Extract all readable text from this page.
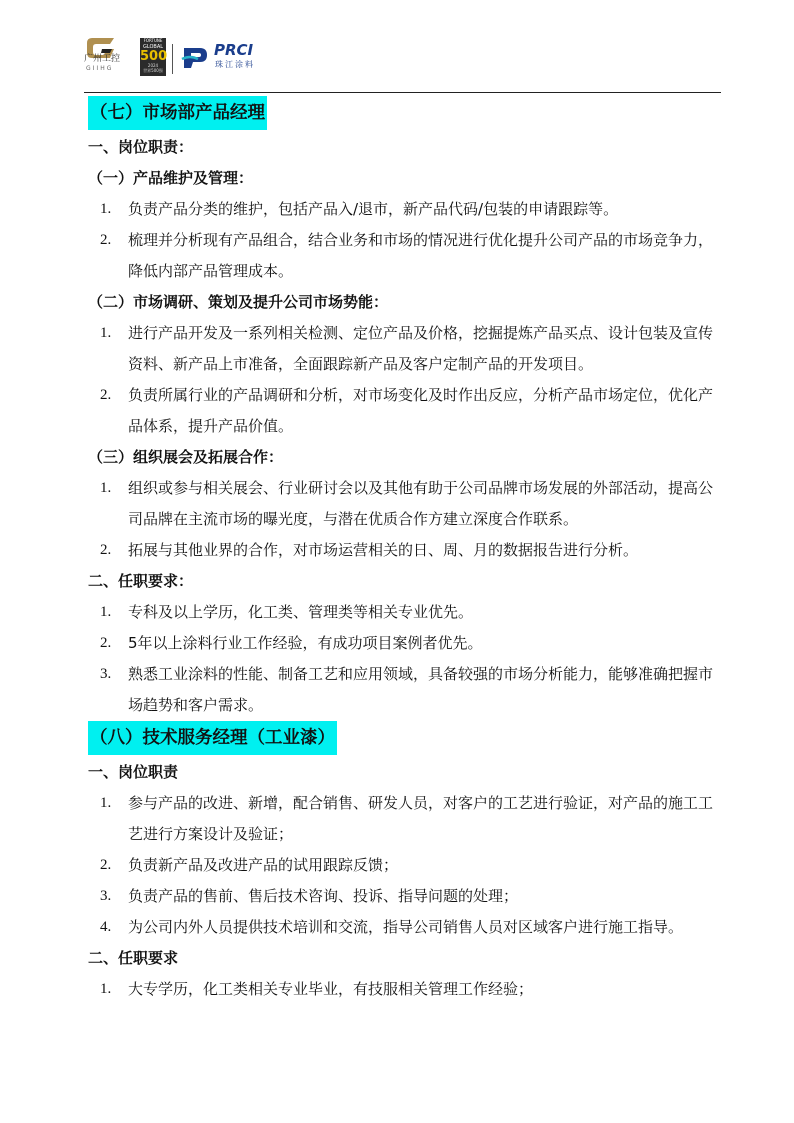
广州工控
GIIHG
FORTUNE
GLOBAL
500
2024
世界500强
PRCI
珠江涂料
（七）市场部产品经理
一、岗位职责：
（一）产品维护及管理：
1. 负责产品分类的维护，包括产品入/退市，新产品代码/包装的申请跟踪等。
2. 梳理并分析现有产品组合，结合业务和市场的情况进行优化提升公司产品的市场竞争力，降低内部产品管理成本。
（二）市场调研、策划及提升公司市场势能：
1. 进行产品开发及一系列相关检测、定位产品及价格，挖掘提炼产品买点、设计包装及宣传资料、新产品上市准备，全面跟踪新产品及客户定制产品的开发项目。
2. 负责所属行业的产品调研和分析，对市场变化及时作出反应，分析产品市场定位，优化产品体系，提升产品价值。
（三）组织展会及拓展合作：
1. 组织或参与相关展会、行业研讨会以及其他有助于公司品牌市场发展的外部活动，提高公司品牌在主流市场的曝光度，与潜在优质合作方建立深度合作联系。
2. 拓展与其他业界的合作，对市场运营相关的日、周、月的数据报告进行分析。
二、任职要求：
1. 专科及以上学历，化工类、管理类等相关专业优先。
2. 5年以上涂料行业工作经验，有成功项目案例者优先。
3. 熟悉工业涂料的性能、制备工艺和应用领域，具备较强的市场分析能力，能够准确把握市场趋势和客户需求。
（八）技术服务经理（工业漆）
一、岗位职责
1. 参与产品的改进、新增，配合销售、研发人员，对客户的工艺进行验证，对产品的施工工艺进行方案设计及验证；
2. 负责新产品及改进产品的试用跟踪反馈；
3. 负责产品的售前、售后技术咨询、投诉、指导问题的处理；
4. 为公司内外人员提供技术培训和交流，指导公司销售人员对区域客户进行施工指导。
二、任职要求
1. 大专学历，化工类相关专业毕业，有技服相关管理工作经验；
